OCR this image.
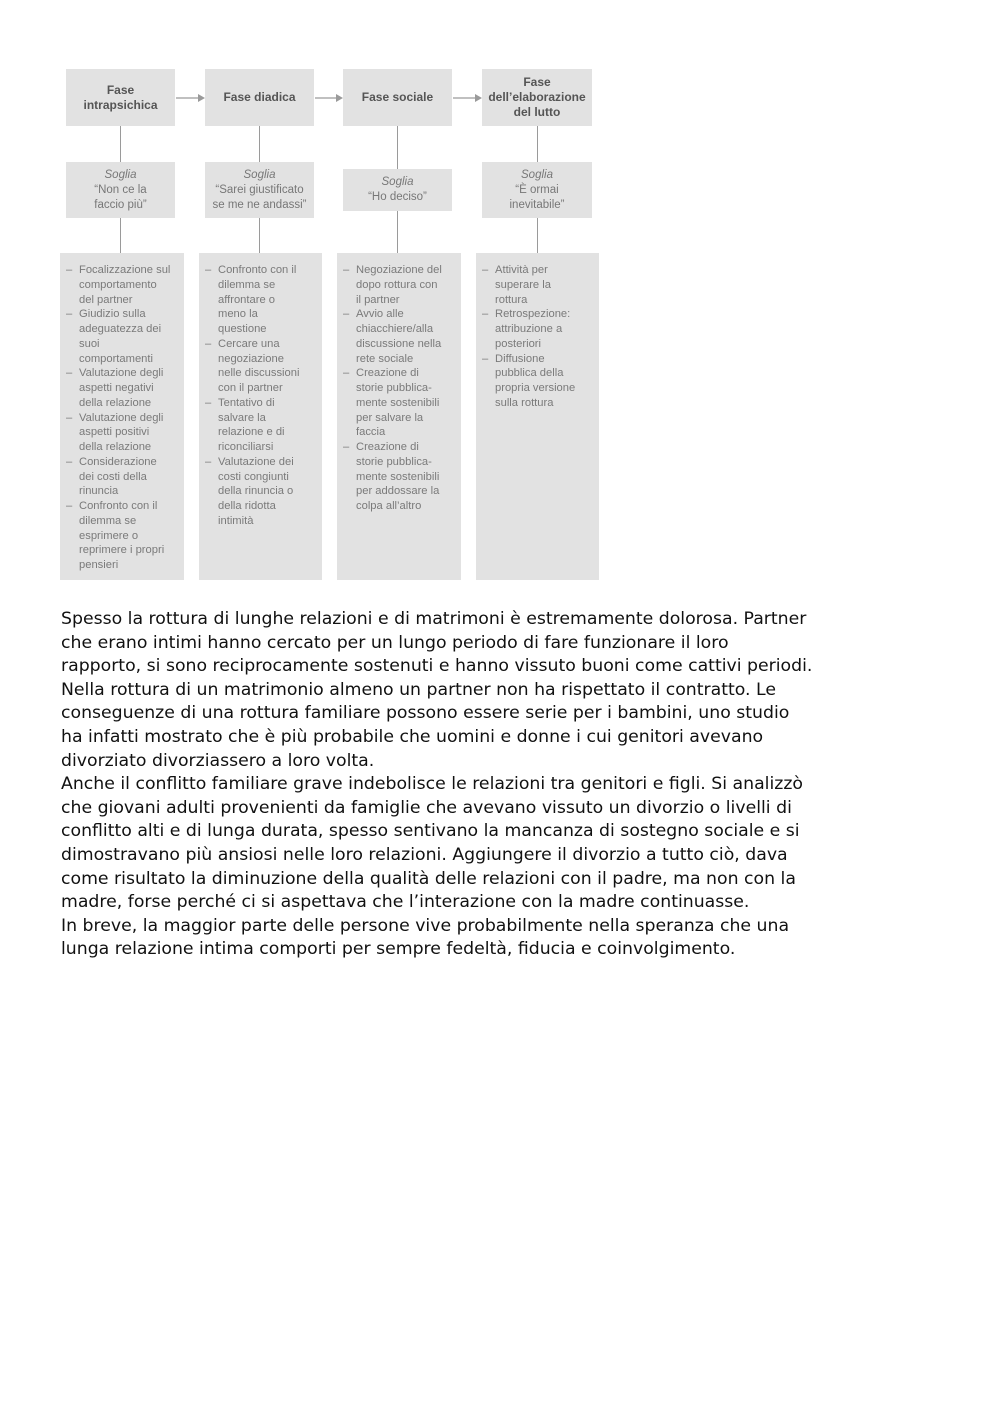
Fase
intrapsichica
Fase diadica	Fase sociale
Fase
dell’elaborazione
del lutto
Soglia
“Non ce la
faccio più”
Soglia
“Sarei giustificato
se me ne andassi”
Soglia
“Ho deciso”
Soglia
“È ormai
inevitabile”
– Focalizzazione sul
comportamento
del partner
– Giudizio sulla
adeguatezza dei
suoi
comportamenti
– Valutazione degli
aspetti negativi
della relazione
– Valutazione degli
aspetti positivi
della relazione
– Considerazione
dei costi della
rinuncia
– Confronto con il
dilemma se
esprimere o
reprimere i propri
pensieri
– Confronto con il
dilemma se
affrontare o
meno la
questione
– Cercare una
negoziazione
nelle discussioni
con il partner
– Tentativo di
salvare la
relazione e di
riconciliarsi
– Valutazione dei
costi congiunti
della rinuncia o
della ridotta
intimità
– Negoziazione del
dopo rottura con
il partner
– Avvio alle
chiacchiere/alla
discussione nella
rete sociale
– Creazione di
storie pubblica-
mente sostenibili
per salvare la
faccia
– Creazione di
storie pubblica-
mente sostenibili
per addossare la
colpa all’altro
– Attività per
superare la
rottura
– Retrospezione:
attribuzione a
posteriori
– Diffusione
pubblica della
propria versione
sulla rottura

Spesso la rottura di lunghe relazioni e di matrimoni è estremamente dolorosa. Partner
che erano intimi hanno cercato per un lungo periodo di fare funzionare il loro
rapporto, si sono reciprocamente sostenuti e hanno vissuto buoni come cattivi periodi.
Nella rottura di un matrimonio almeno un partner non ha rispettato il contratto. Le
conseguenze di una rottura familiare possono essere serie per i bambini, uno studio
ha infatti mostrato che è più probabile che uomini e donne i cui genitori avevano
divorziato divorziassero a loro volta.

Anche il conflitto familiare grave indebolisce le relazioni tra genitori e figli. Si analizzò
che giovani adulti provenienti da famiglie che avevano vissuto un divorzio o livelli di
conflitto alti e di lunga durata, spesso sentivano la mancanza di sostegno sociale e si
dimostravano più ansiosi nelle loro relazioni. Aggiungere il divorzio a tutto ciò, dava
come risultato la diminuzione della qualità delle relazioni con il padre, ma non con la
madre, forse perché ci si aspettava che l’interazione con la madre continuasse.

In breve, la maggior parte delle persone vive probabilmente nella speranza che una
lunga relazione intima comporti per sempre fedeltà, fiducia e coinvolgimento.
